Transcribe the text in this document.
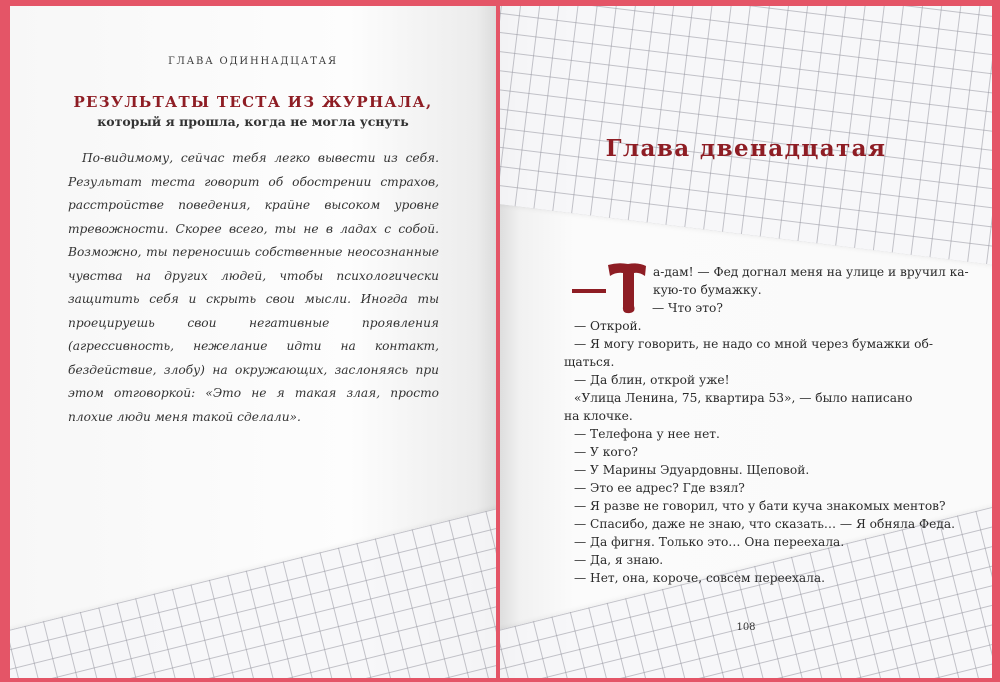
ГЛАВА ОДИННАДЦАТАЯ
РЕЗУЛЬТАТЫ ТЕСТА ИЗ ЖУРНАЛА,
который я прошла, когда не могла уснуть

По-видимому, сейчас тебя легко вывести из себя. Результат теста говорит об обострении страхов, расстройстве поведения, крайне высоком уровне тревожности. Скорее всего, ты не в ладах с собой. Возможно, ты переносишь собственные неосознанные чувства на других людей, чтобы психологически защитить себя и скрыть свои мысли. Иногда ты проецируешь свои негативные проявления (агрессивность, нежелание идти на контакт, бездействие, злобу) на окружающих, заслоняясь при этом отговоркой: «Это не я такая злая, просто плохие люди меня такой сделали».

Глава двенадцатая
а-дам! — Фед догнал меня на улице и вручил ка-
кую-то бумажку.
— Что это?
— Открой.
— Я могу говорить, не надо со мной через бумажки об-
щаться.
— Да блин, открой уже!
«Улица Ленина, 75, квартира 53», — было написано
на клочке.
— Телефона у нее нет.
— У кого?
— У Марины Эдуардовны. Щеповой.
— Это ее адрес? Где взял?
— Я разве не говорил, что у бати куча знакомых ментов?
— Спасибо, даже не знаю, что сказать… — Я обняла Феда.
— Да фигня. Только это… Она переехала.
— Да, я знаю.
— Нет, она, короче, совсем переехала.
108
